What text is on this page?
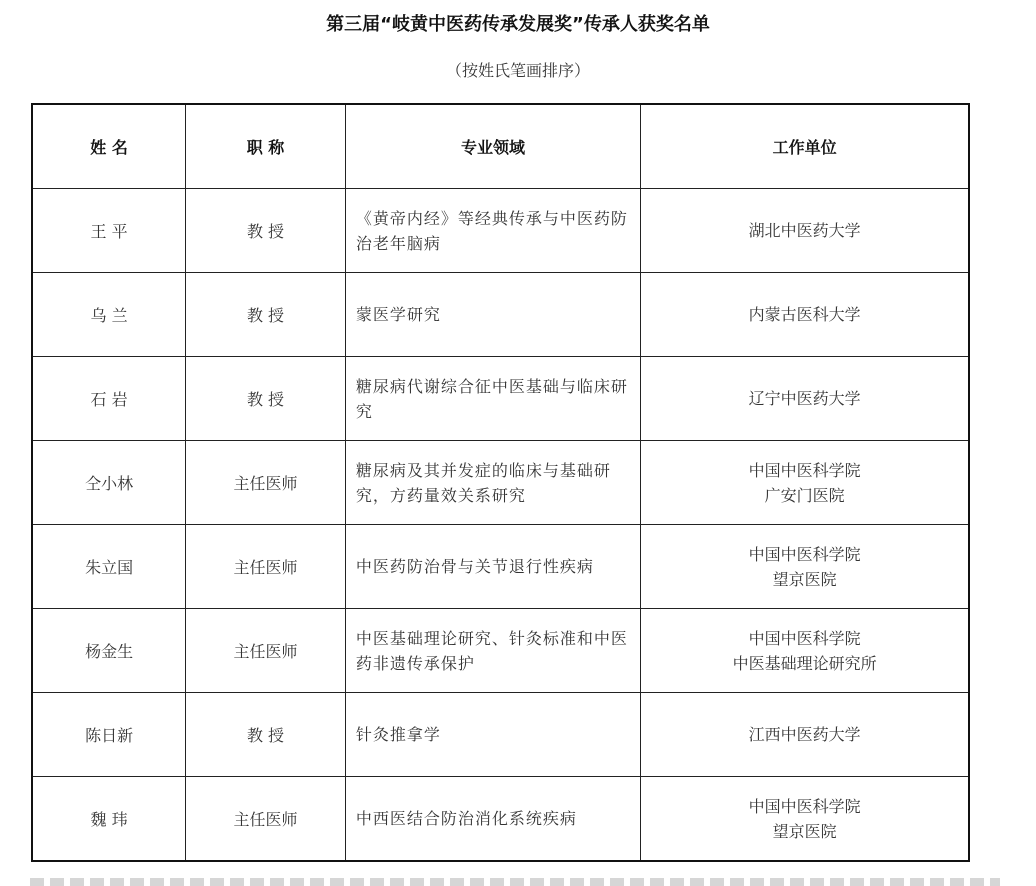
第三届“岐黄中医药传承发展奖”传承人获奖名单
（按姓氏笔画排序）
姓 名	职 称	专业领域	工作单位
王 平	教 授	《黄帝内经》等经典传承与中医药防治老年脑病	湖北中医药大学

乌 兰	教 授	蒙医学研究	内蒙古医科大学

石 岩	教 授	糖尿病代谢综合征中医基础与临床研究	辽宁中医药大学

仝小林	主任医师	糖尿病及其并发症的临床与基础研究，方药量效关系研究	中国中医科学院
广安门医院

朱立国	主任医师	中医药防治骨与关节退行性疾病	中国中医科学院
望京医院

杨金生	主任医师	中医基础理论研究、针灸标准和中医药非遗传承保护	中国中医科学院
中医基础理论研究所

陈日新	教 授	针灸推拿学	江西中医药大学

魏 玮	主任医师	中西医结合防治消化系统疾病	中国中医科学院
望京医院
